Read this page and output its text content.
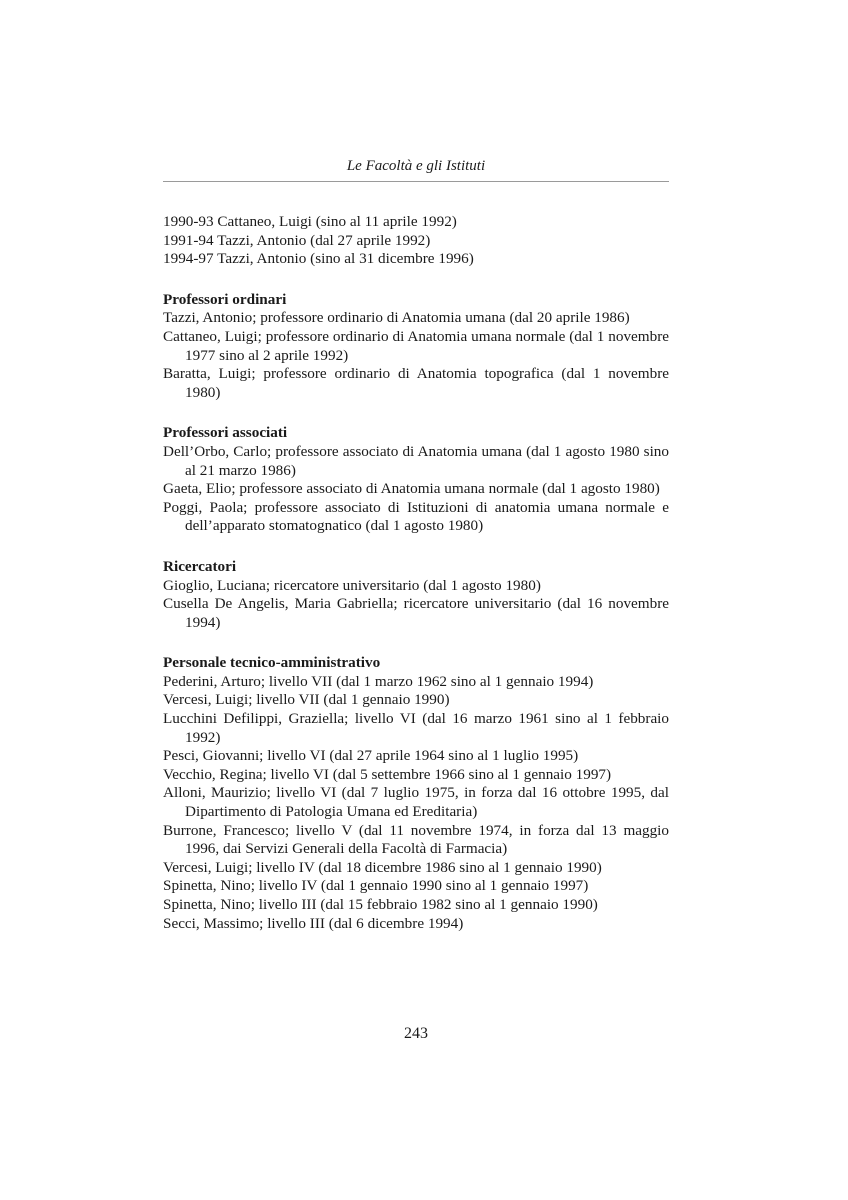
Le Facoltà e gli Istituti

1990-93 Cattaneo, Luigi (sino al 11 aprile 1992)

1991-94 Tazzi, Antonio (dal 27 aprile 1992)

1994-97 Tazzi, Antonio (sino al 31 dicembre 1996)

Professori ordinari

Tazzi, Antonio; professore ordinario di Anatomia umana (dal 20 aprile 1986)

Cattaneo, Luigi; professore ordinario di Anatomia umana normale (dal 1 novembre 1977 sino al 2 aprile 1992)

Baratta, Luigi; professore ordinario di Anatomia topografica (dal 1 novembre 1980)

Professori associati

Dell’Orbo, Carlo; professore associato di Anatomia umana (dal 1 agosto 1980 sino al 21 marzo 1986)

Gaeta, Elio; professore associato di Anatomia umana normale (dal 1 agosto 1980)

Poggi, Paola; professore associato di Istituzioni di anatomia umana normale e dell’apparato stomatognatico (dal 1 agosto 1980)

Ricercatori

Gioglio, Luciana; ricercatore universitario (dal 1 agosto 1980)

Cusella De Angelis, Maria Gabriella; ricercatore universitario (dal 16 novembre 1994)

Personale tecnico-amministrativo

Pederini, Arturo; livello VII (dal 1 marzo 1962 sino al 1 gennaio 1994)

Vercesi, Luigi; livello VII (dal 1 gennaio 1990)

Lucchini Defilippi, Graziella; livello VI (dal 16 marzo 1961 sino al 1 febbraio 1992)

Pesci, Giovanni; livello VI (dal 27 aprile 1964 sino al 1 luglio 1995)

Vecchio, Regina; livello VI (dal 5 settembre 1966 sino al 1 gennaio 1997)

Alloni, Maurizio; livello VI (dal 7 luglio 1975, in forza dal 16 ottobre 1995, dal Dipartimento di Patologia Umana ed Ereditaria)

Burrone, Francesco; livello V (dal 11 novembre 1974, in forza dal 13 maggio 1996, dai Servizi Generali della Facoltà di Farmacia)

Vercesi, Luigi; livello IV (dal 18 dicembre 1986 sino al 1 gennaio 1990)

Spinetta, Nino; livello IV (dal 1 gennaio 1990 sino al 1 gennaio 1997)

Spinetta, Nino; livello III (dal 15 febbraio 1982 sino al 1 gennaio 1990)

Secci, Massimo; livello III (dal 6 dicembre 1994)

243
